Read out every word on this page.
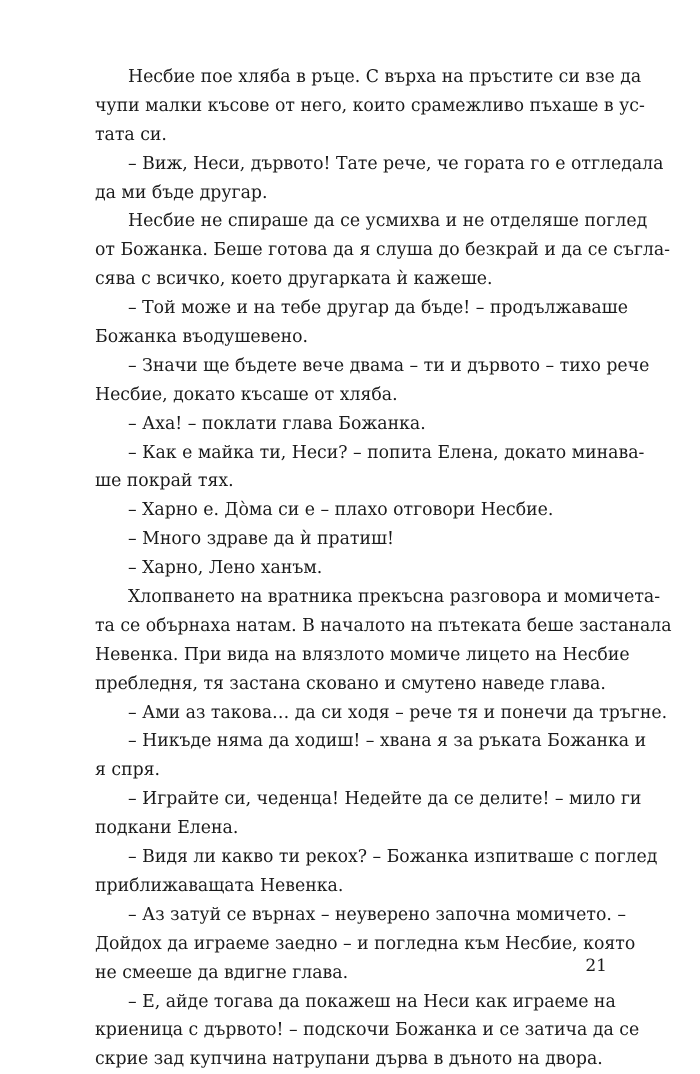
Несбие пое хляба в ръце. С върха на пръстите си взе да
чупи малки късове от него, които срамежливо пъхаше в ус-
тата си.
– Виж, Неси, дървото! Тате рече, че гората го е отгледала
да ми бъде другар.
Несбие не спираше да се усмихва и не отделяше поглед
от Божанка. Беше готова да я слуша до безкрай и да се съгла-
сява с всичко, което другарката ѝ кажеше.
– Той може и на тебе другар да бъде! – продължаваше
Божанка въодушевено.
– Значи ще бъдете вече двама – ти и дървото – тихо рече
Несбие, докато късаше от хляба.
– Аха! – поклати глава Божанка.
– Как е майка ти, Неси? – попита Елена, докато минава-
ше покрай тях.
– Харно е. До̀ма си е – плахо отговори Несбие.
– Много здраве да ѝ пратиш!
– Харно, Лено ханъм.
Хлопването на вратника прекъсна разговора и момичета-
та се обърнаха натам. В началото на пътеката беше застанала
Невенка. При вида на влязлото момиче лицето на Несбие
пребледня, тя застана сковано и смутено наведе глава.
– Ами аз такова… да си ходя – рече тя и понечи да тръгне.
– Никъде няма да ходиш! – хвана я за ръката Божанка и
я спря.
– Играйте си, чеденца! Недейте да се делите! – мило ги
подкани Елена.
– Видя ли какво ти рекох? – Божанка изпитваше с поглед
приближаващата Невенка.
– Аз затуй се върнах – неуверено започна момичето. –
Дойдох да играеме заедно – и погледна към Несбие, която
не смееше да вдигне глава.
– Е, айде тогава да покажеш на Неси как играеме на
криеница с дървото! – подскочи Божанка и се затича да се
скрие зад купчина натрупани дърва в дъното на двора.
21
